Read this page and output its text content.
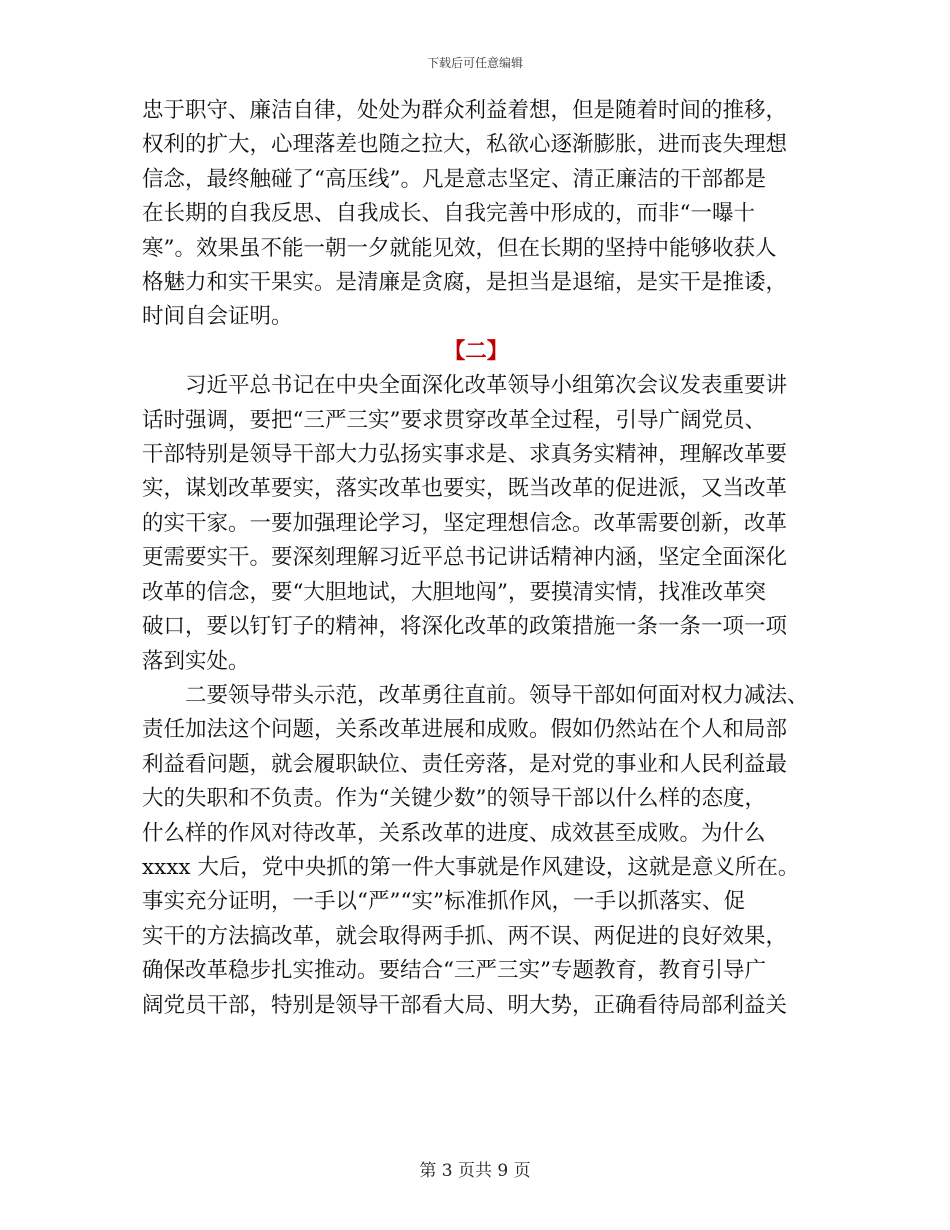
下载后可任意编辑

忠于职守、廉洁自律，处处为群众利益着想，但是随着时间的推移，
权利的扩大，心理落差也随之拉大，私欲心逐渐膨胀，进而丧失理想
信念，最终触碰了“高压线”。凡是意志坚定、清正廉洁的干部都是
在长期的自我反思、自我成长、自我完善中形成的，而非“一曝十
寒”。效果虽不能一朝一夕就能见效，但在长期的坚持中能够收获人
格魅力和实干果实。是清廉是贪腐，是担当是退缩，是实干是推诿，
时间自会证明。

【二】

习近平总书记在中央全面深化改革领导小组第次会议发表重要讲
话时强调，要把“三严三实”要求贯穿改革全过程，引导广阔党员、
干部特别是领导干部大力弘扬实事求是、求真务实精神，理解改革要
实，谋划改革要实，落实改革也要实，既当改革的促进派，又当改革
的实干家。一要加强理论学习，坚定理想信念。改革需要创新，改革
更需要实干。要深刻理解习近平总书记讲话精神内涵，坚定全面深化
改革的信念，要“大胆地试，大胆地闯”，要摸清实情，找准改革突
破口，要以钉钉子的精神，将深化改革的政策措施一条一条一项一项
落到实处。

二要领导带头示范，改革勇往直前。领导干部如何面对权力减法、
责任加法这个问题，关系改革进展和成败。假如仍然站在个人和局部
利益看问题，就会履职缺位、责任旁落，是对党的事业和人民利益最
大的失职和不负责。作为“关键少数”的领导干部以什么样的态度，
什么样的作风对待改革，关系改革的进度、成效甚至成败。为什么
xxxx 大后，党中央抓的第一件大事就是作风建设，这就是意义所在。
事实充分证明，一手以“严”“实”标准抓作风，一手以抓落实、促
实干的方法搞改革，就会取得两手抓、两不误、两促进的良好效果，
确保改革稳步扎实推动。要结合“三严三实”专题教育，教育引导广
阔党员干部，特别是领导干部看大局、明大势，正确看待局部利益关

第 3 页共 9 页
